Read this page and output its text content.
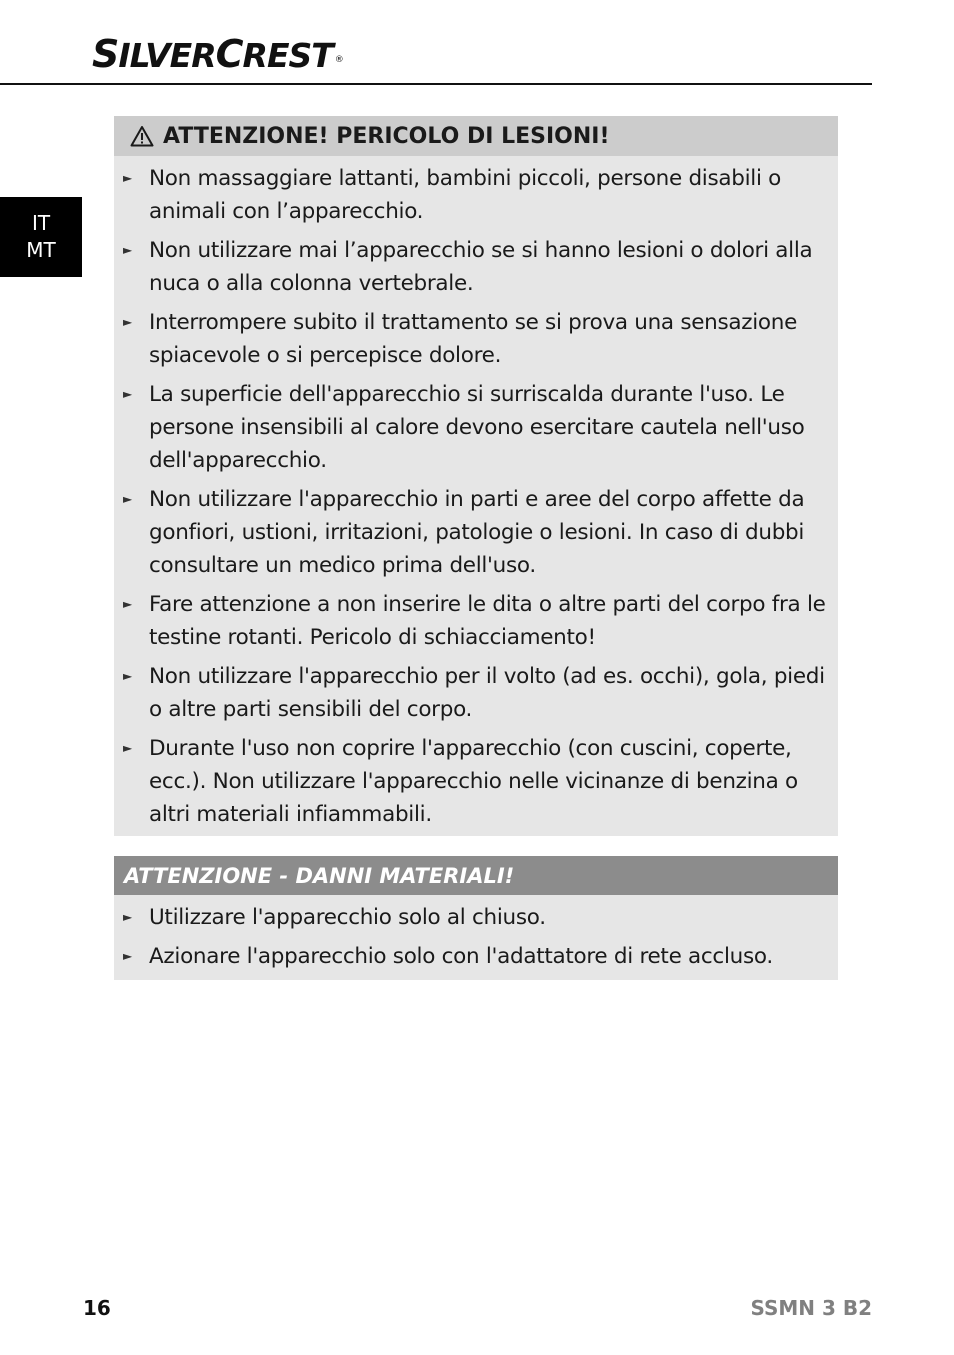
SILVERCREST ®
IT
MT
ATTENZIONE! PERICOLO DI LESIONI!
► Non massaggiare lattanti, bambini piccoli, persone disabili o animali con l’apparecchio.
► Non utilizzare mai l’apparecchio se si hanno lesioni o dolori alla nuca o alla colonna vertebrale.
► Interrompere subito il trattamento se si prova una sensazione spiacevole o si percepisce dolore.
► La superficie dell'apparecchio si surriscalda durante l'uso. Le persone insensibili al calore devono esercitare cautela nell'uso dell'apparecchio.
► Non utilizzare l'apparecchio in parti e aree del corpo affette da gonfiori, ustioni, irritazioni, patologie o lesioni. In caso di dubbi consultare un medico prima dell'uso.
► Fare attenzione a non inserire le dita o altre parti del corpo fra le testine rotanti. Pericolo di schiacciamento!
► Non utilizzare l'apparecchio per il volto (ad es. occhi), gola, piedi o altre parti sensibili del corpo.
► Durante l'uso non coprire l'apparecchio (con cuscini, coperte, ecc.). Non utilizzare l'apparecchio nelle vicinanze di benzina o altri materiali infiammabili.
ATTENZIONE - DANNI MATERIALI!
► Utilizzare l'apparecchio solo al chiuso.
► Azionare l'apparecchio solo con l'adattatore di rete accluso.
16	SSMN 3 B2
